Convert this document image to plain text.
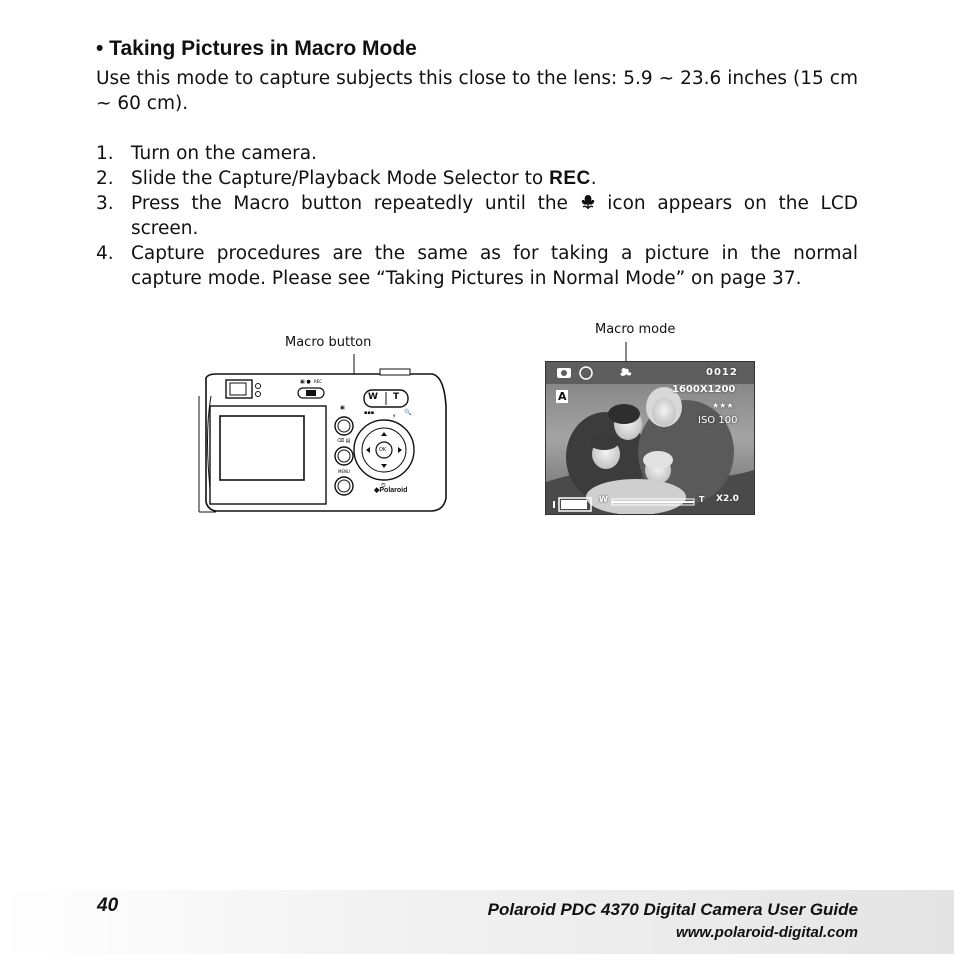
• Taking Pictures in Macro Mode

Use this mode to capture subjects this close to the lens: 5.9 ~ 23.6 inches (15 cm ~ 60 cm).

1. Turn on the camera.
2. Slide the Capture/Playback Mode Selector to REC.
3. Press the Macro button repeatedly until the  icon appears on the LCD screen.
4. Capture procedures are the same as for taking a picture in the normal capture mode. Please see “Taking Pictures in Normal Mode” on page 37.
Macro button
Macro mode
▣ ● REC
▣
⌫ ▤
MENU
⚡
▪▪▪	🔍
⏲
W T
OK
◆Polaroid
A
0012
1600X1200
★★★
ISO 100
W	T X2.0
40	Polaroid PDC 4370 Digital Camera User Guide
www.polaroid-digital.com
